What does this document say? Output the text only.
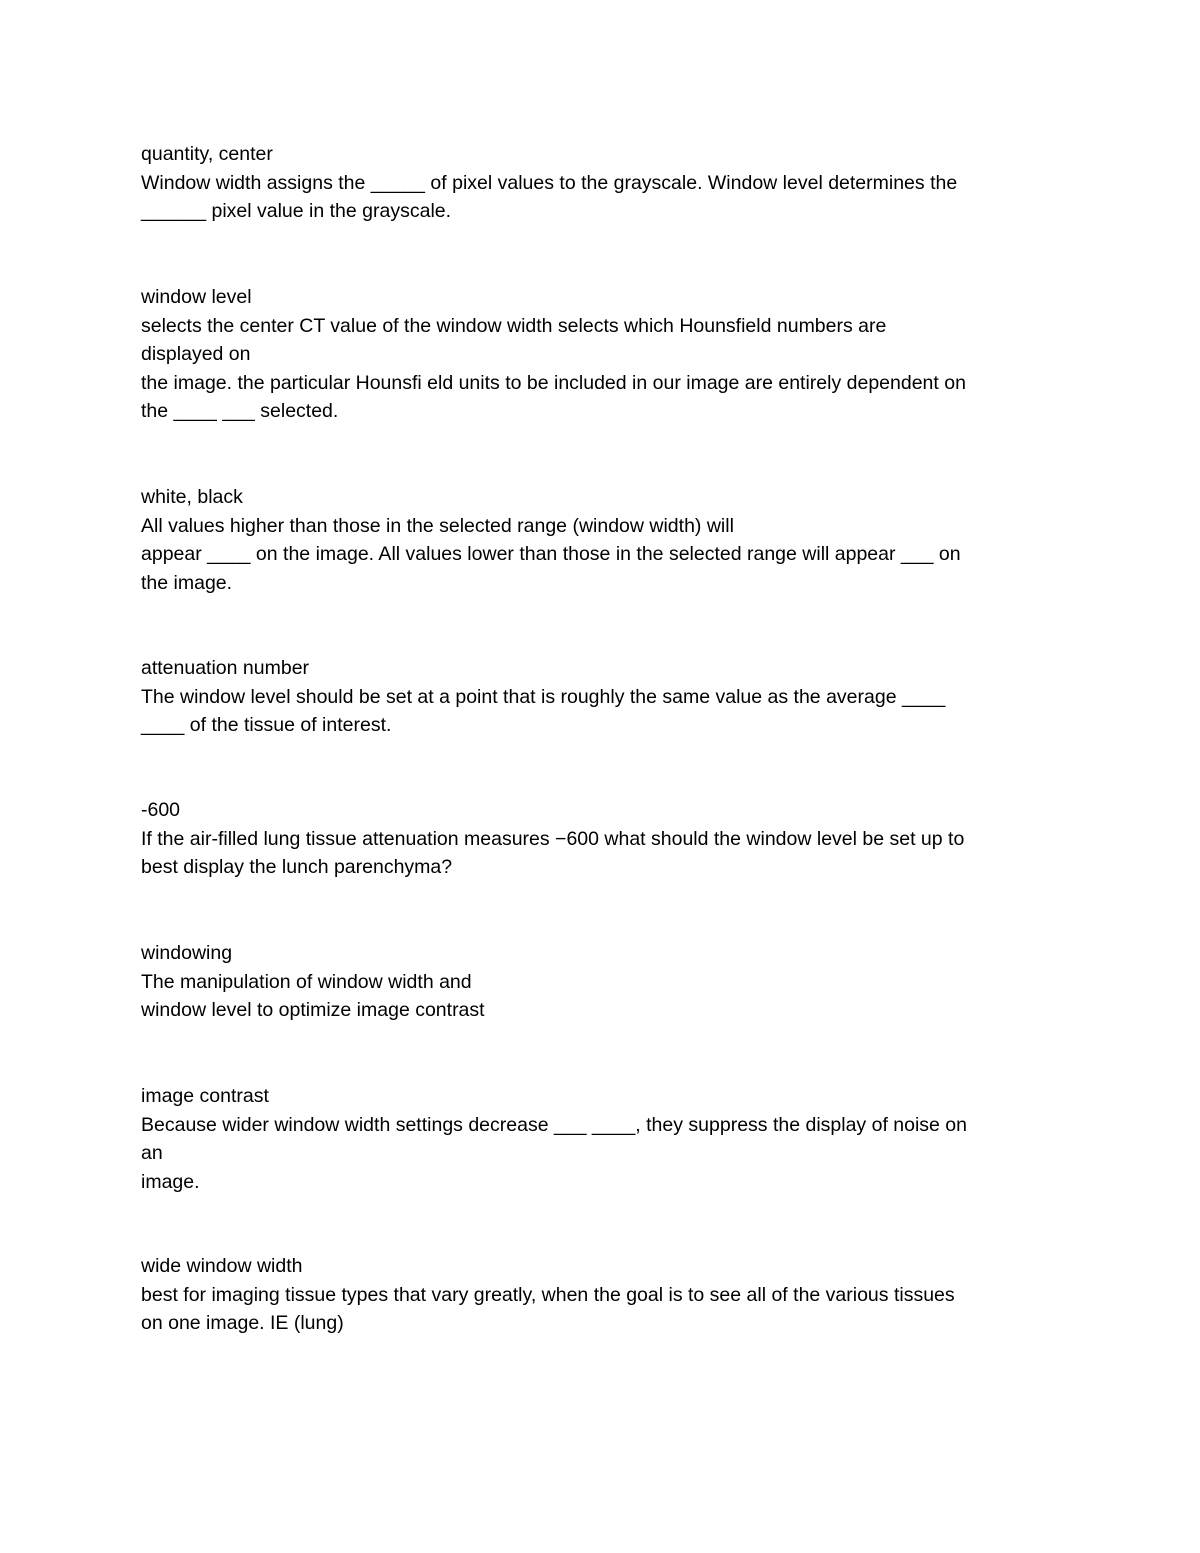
quantity, center
Window width assigns the _____ of pixel values to the grayscale. Window level determines the
______ pixel value in the grayscale.
window level
selects the center CT value of the window width selects which Hounsfield numbers are
displayed on
the image. the particular Hounsfi eld units to be included in our image are entirely dependent on
the ____ ___ selected.
white, black
All values higher than those in the selected range (window width) will
appear ____ on the image. All values lower than those in the selected range will appear ___ on
the image.
attenuation number
The window level should be set at a point that is roughly the same value as the average ____
____ of the tissue of interest.
-600
If the air-filled lung tissue attenuation measures −600 what should the window level be set up to
best display the lunch parenchyma?
windowing
The manipulation of window width and
window level to optimize image contrast
image contrast
Because wider window width settings decrease ___ ____, they suppress the display of noise on
an
image.
wide window width
best for imaging tissue types that vary greatly, when the goal is to see all of the various tissues
on one image. IE (lung)
